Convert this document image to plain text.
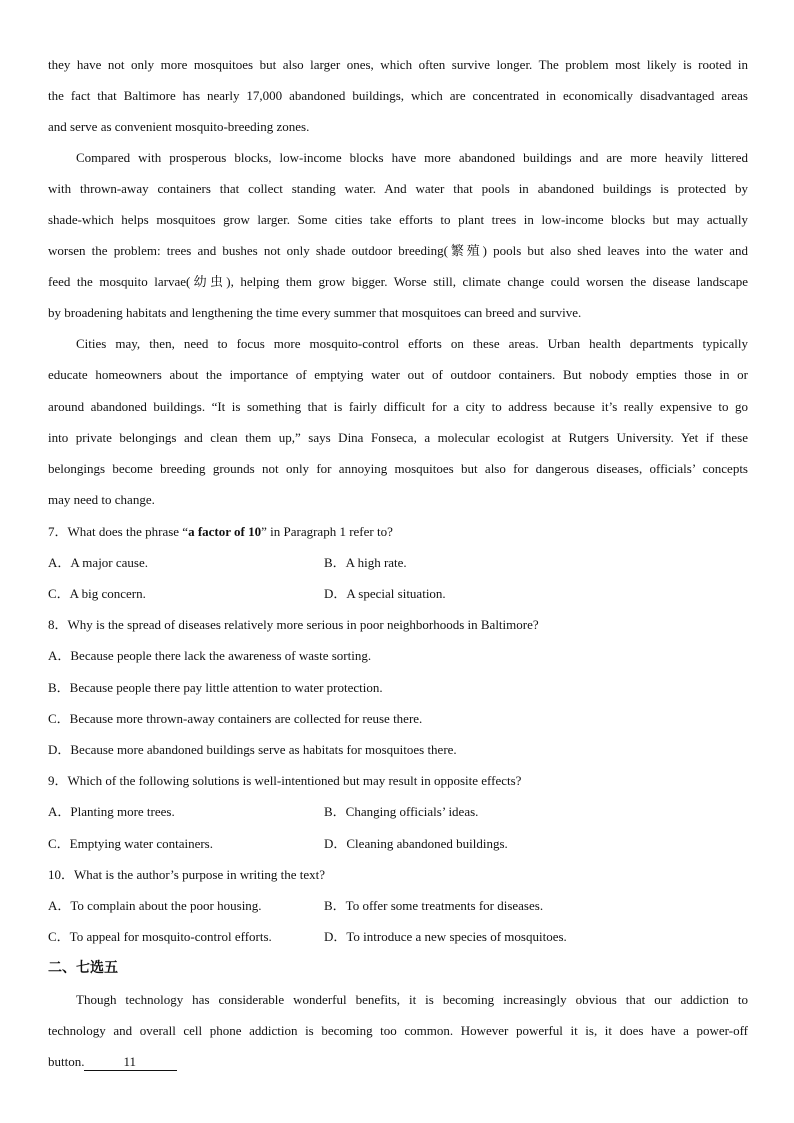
they have not only more mosquitoes but also larger ones, which often survive longer. The problem most likely is rooted in
the fact that Baltimore has nearly 17,000 abandoned buildings, which are concentrated in economically disadvantaged areas
and serve as convenient mosquito-breeding zones.
Compared with prosperous blocks, low-income blocks have more abandoned buildings and are more heavily littered
with thrown-away containers that collect standing water. And water that pools in abandoned buildings is protected by
shade-which helps mosquitoes grow larger. Some cities take efforts to plant trees in low-income blocks but may actually
worsen the problem: trees and bushes not only shade outdoor breeding(繁殖) pools but also shed leaves into the water and
feed the mosquito larvae(幼虫), helping them grow bigger. Worse still, climate change could worsen the disease landscape
by broadening habitats and lengthening the time every summer that mosquitoes can breed and survive.
Cities may, then, need to focus more mosquito-control efforts on these areas. Urban health departments typically
educate homeowners about the importance of emptying water out of outdoor containers. But nobody empties those in or
around abandoned buildings. “It is something that is fairly difficult for a city to address because it’s really expensive to go
into private belongings and clean them up,” says Dina Fonseca, a molecular ecologist at Rutgers University. Yet if these
belongings become breeding grounds not only for annoying mosquitoes but also for dangerous diseases, officials’ concepts
may need to change.
7．What does the phrase “a factor of 10” in Paragraph 1 refer to?
A．A major cause.	B．A high rate.
C．A big concern.	D．A special situation.
8．Why is the spread of diseases relatively more serious in poor neighborhoods in Baltimore?
A．Because people there lack the awareness of waste sorting.
B．Because people there pay little attention to water protection.
C．Because more thrown-away containers are collected for reuse there.
D．Because more abandoned buildings serve as habitats for mosquitoes there.
9．Which of the following solutions is well-intentioned but may result in opposite effects?
A．Planting more trees.	B．Changing officials’ ideas.
C．Emptying water containers.	D．Cleaning abandoned buildings.
10．What is the author’s purpose in writing the text?
A．To complain about the poor housing.	B．To offer some treatments for diseases.
C．To appeal for mosquito-control efforts.	D．To introduce a new species of mosquitoes.
二、七选五
Though technology has considerable wonderful benefits, it is becoming increasingly obvious that our addiction to
technology and overall cell phone addiction is becoming too common. However powerful it is, it does have a power-off
button.	11
